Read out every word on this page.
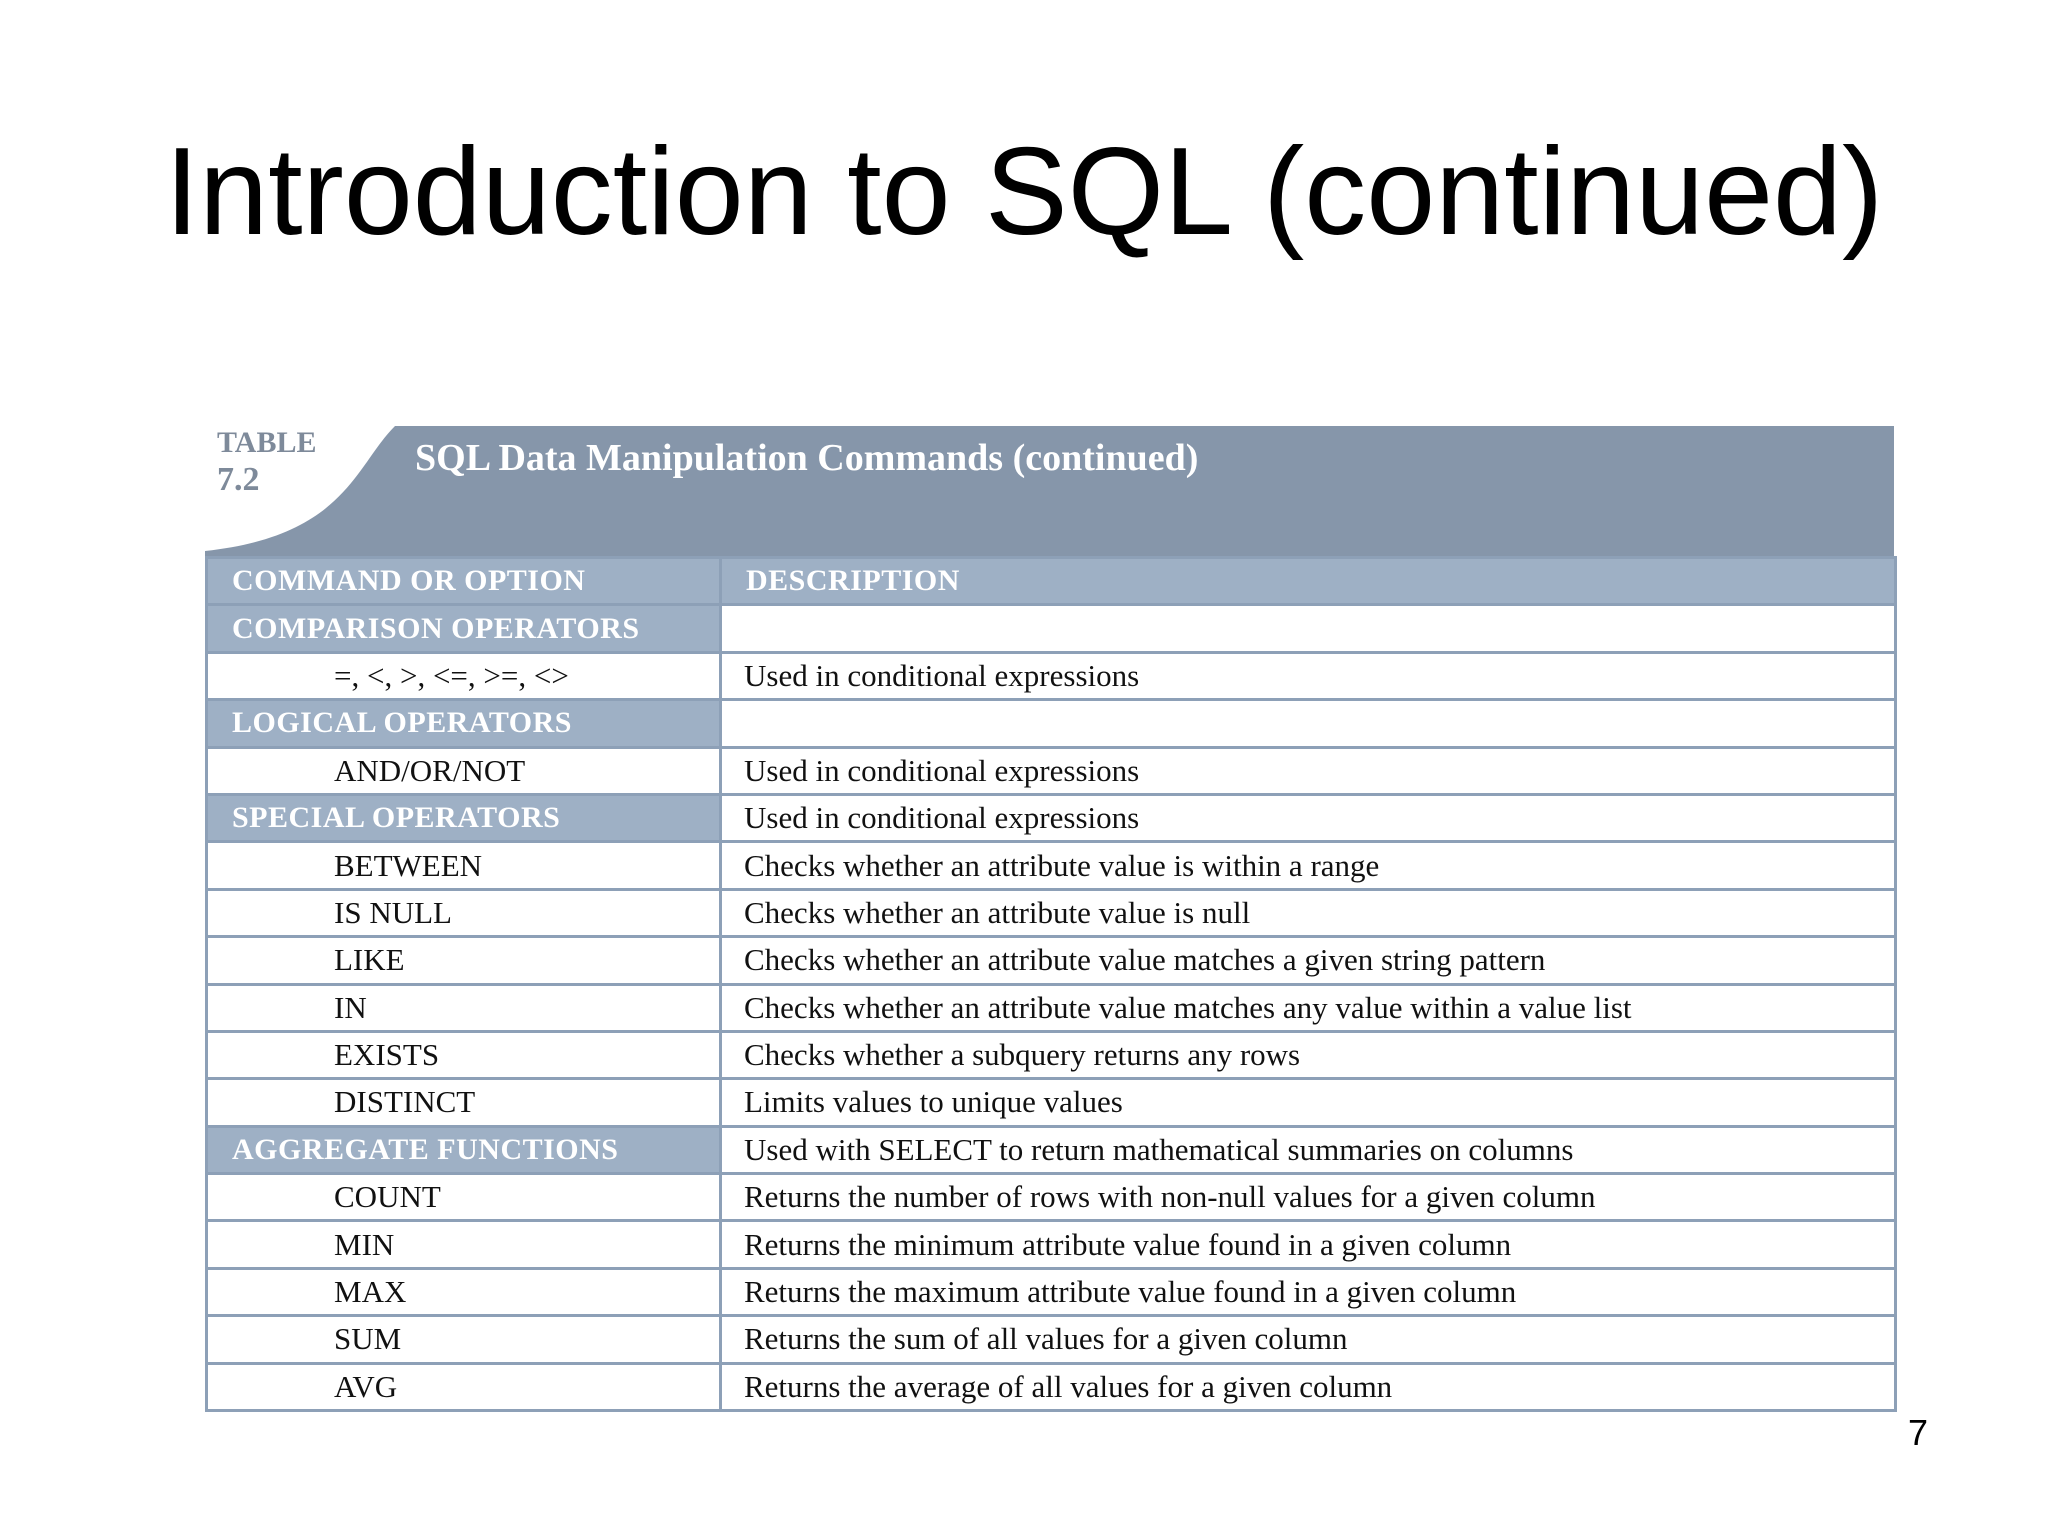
Introduction to SQL (continued)
TABLE
7.2
SQL Data Manipulation Commands (continued)
COMMAND OR OPTION	DESCRIPTION
COMPARISON OPERATORS	
=, <, >, <=, >=, <>	Used in conditional expressions
LOGICAL OPERATORS	
AND/OR/NOT	Used in conditional expressions
SPECIAL OPERATORS	Used in conditional expressions
BETWEEN	Checks whether an attribute value is within a range
IS NULL	Checks whether an attribute value is null
LIKE	Checks whether an attribute value matches a given string pattern
IN	Checks whether an attribute value matches any value within a value list
EXISTS	Checks whether a subquery returns any rows
DISTINCT	Limits values to unique values
AGGREGATE FUNCTIONS	Used with SELECT to return mathematical summaries on columns
COUNT	Returns the number of rows with non-null values for a given column
MIN	Returns the minimum attribute value found in a given column
MAX	Returns the maximum attribute value found in a given column
SUM	Returns the sum of all values for a given column
AVG	Returns the average of all values for a given column
7
